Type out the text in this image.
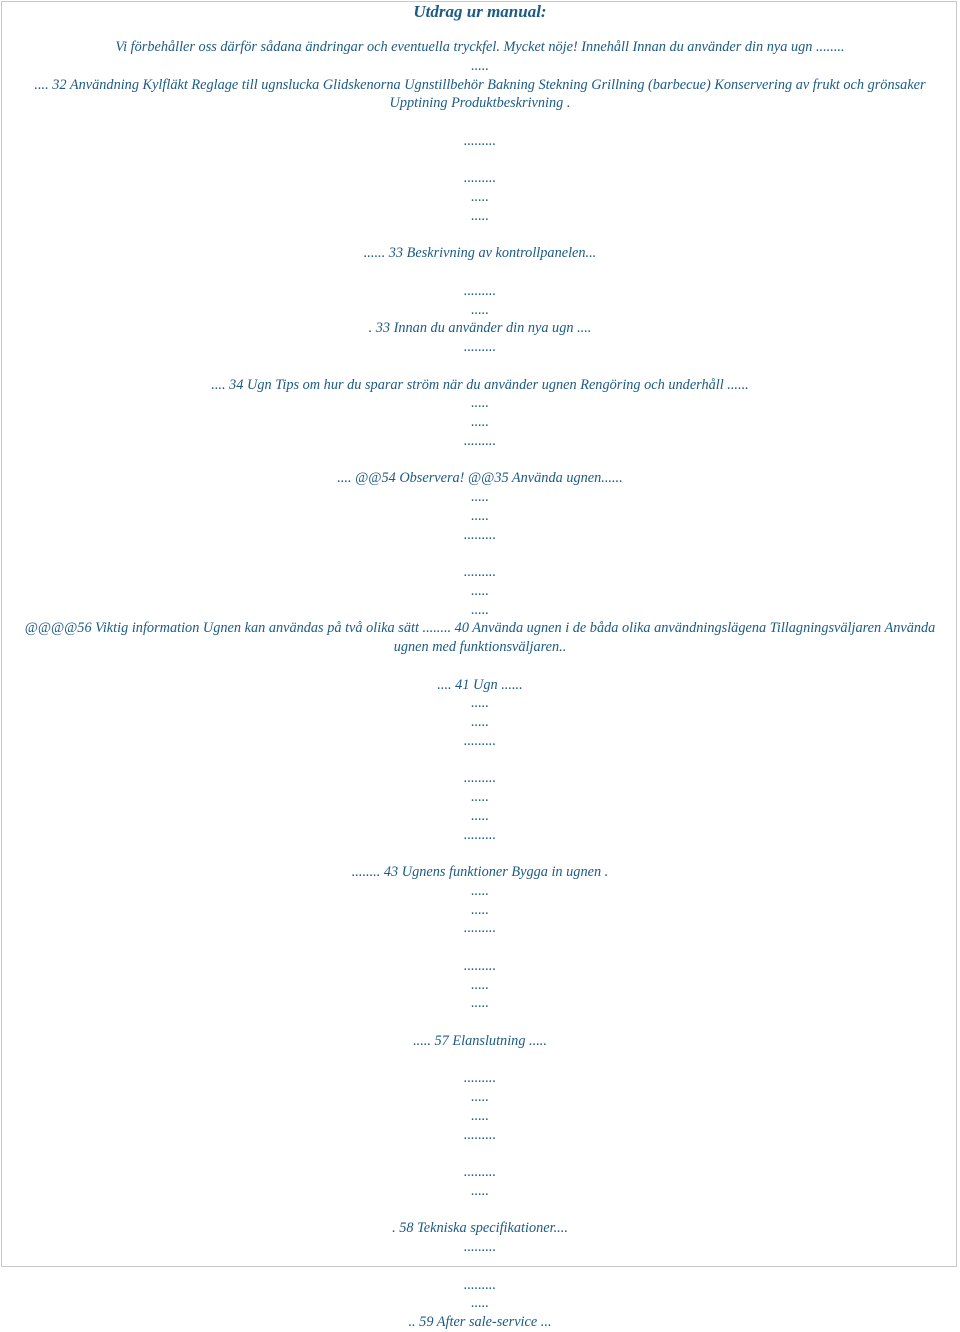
Utdrag ur manual:
Vi förbehåller oss därför sådana ändringar och eventuella tryckfel. Mycket nöje! Innehåll Innan du använder din nya ugn ........
.....
.... 32 Användning Kylfläkt Reglage till ugnslucka Glidskenorna Ugnstillbehör Bakning Stekning Grillning (barbecue) Konservering av frukt och grönsaker Upptining Produktbeskrivning .
.........
.........
.....
.....
...... 33 Beskrivning av kontrollpanelen...
.........
.....
. 33 Innan du använder din nya ugn ....
.........
.... 34 Ugn Tips om hur du sparar ström när du använder ugnen Rengöring och underhåll ......
.....
.....
.........
.... @@54 Observera! @@35 Använda ugnen......
.....
.....
.........
.........
.....
.....
@@@@56 Viktig information Ugnen kan användas på två olika sätt ........ 40 Använda ugnen i de båda olika användningslägena Tillagningsväljaren Använda ugnen med funktionsväljaren..
.... 41 Ugn ......
.....
.....
.........
.........
.....
.....
.........
........ 43 Ugnens funktioner Bygga in ugnen .
.....
.....
.........
.........
.....
.....
..... 57 Elanslutning .....
.........
.....
.....
.........
.........
.....
. 58 Tekniska specifikationer....
.........
.........
.....
.. 59 After sale-service ...
